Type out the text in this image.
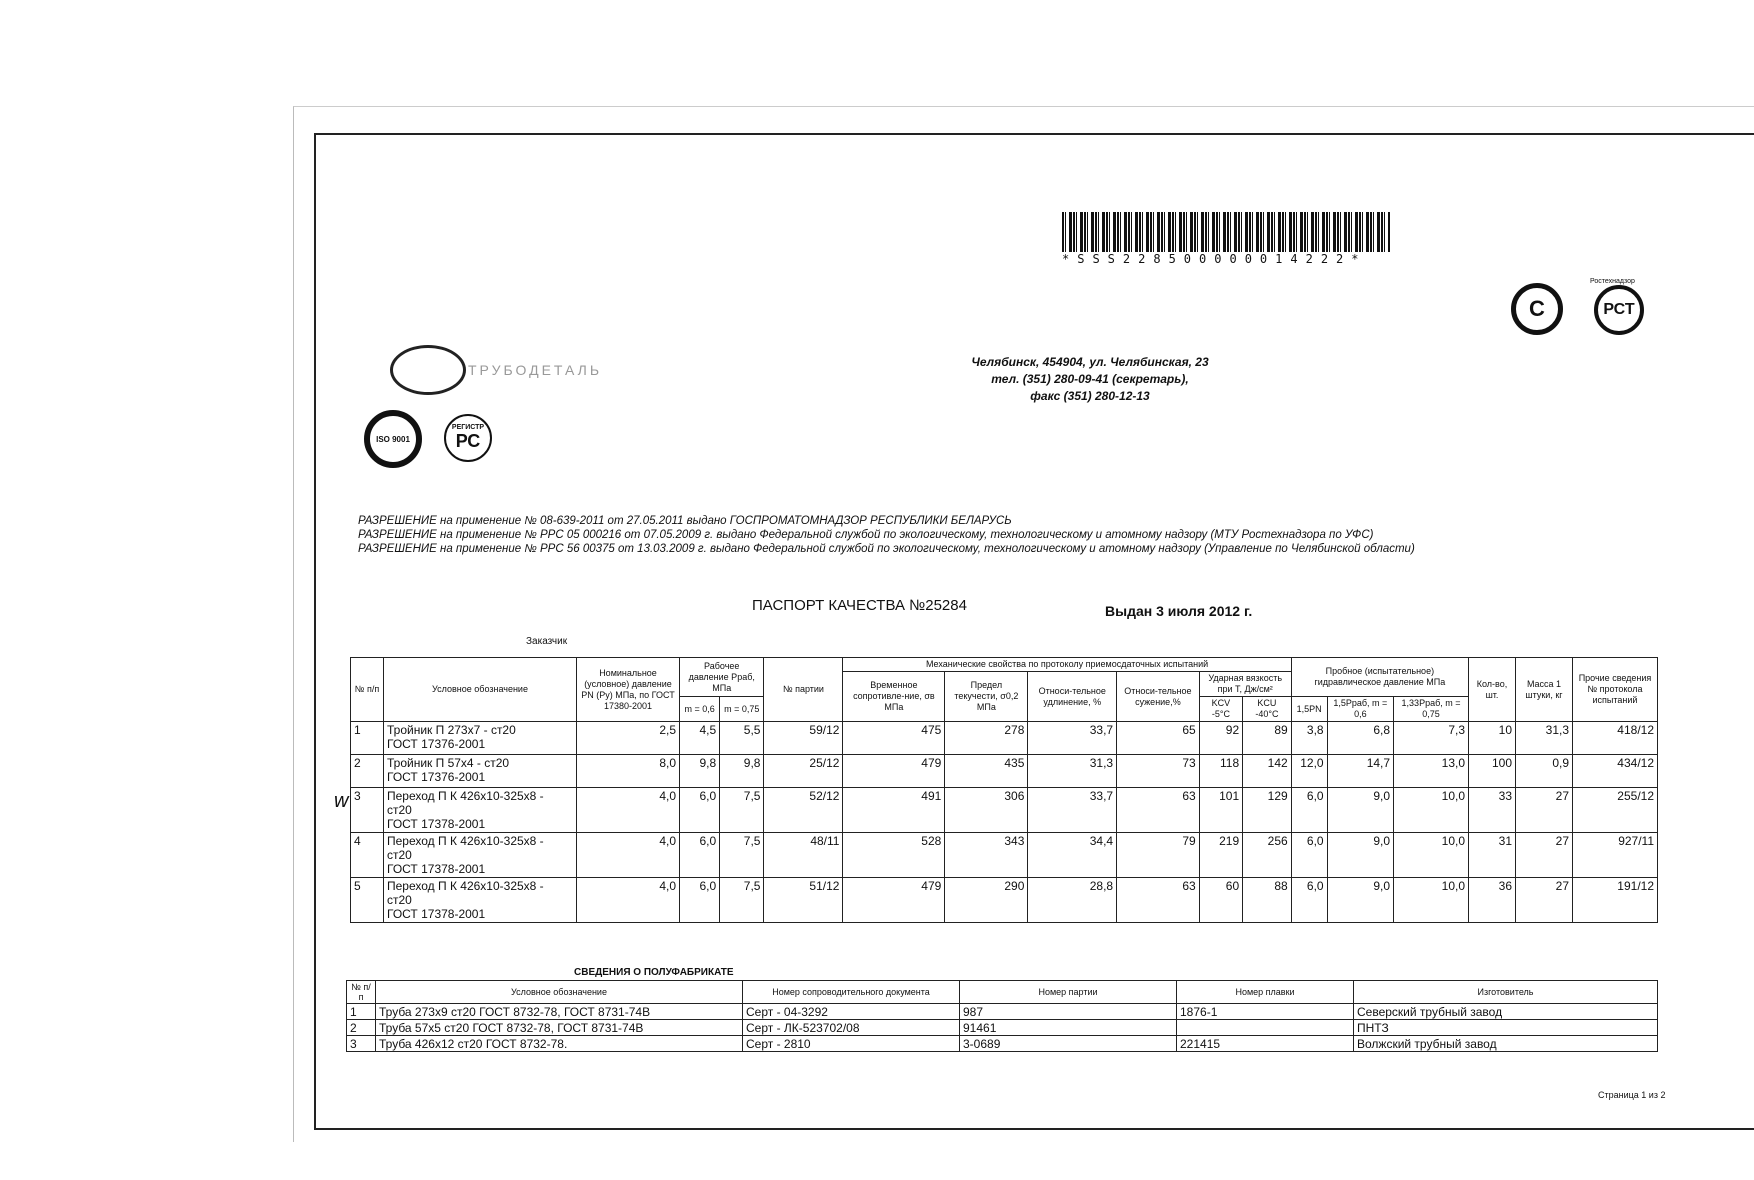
*SSS228500000014222*
С	РСТ
ТРУБОДЕТАЛЬ
ISO 9001
РЕГИСТР
РС
Ростехнадзор
Челябинск, 454904, ул. Челябинская, 23
тел. (351) 280-09-41 (секретарь),
факс (351) 280-12-13
РАЗРЕШЕНИЕ на применение № 08-639-2011 от 27.05.2011 выдано ГОСПРОМАТОМНАДЗОР РЕСПУБЛИКИ БЕЛАРУСЬ
РАЗРЕШЕНИЕ на применение № РРС 05 000216 от 07.05.2009 г. выдано Федеральной службой по экологическому, технологическому и атомному надзору (МТУ Ростехнадзора по УФС)
РАЗРЕШЕНИЕ на применение № РРС 56 00375 от 13.03.2009 г. выдано Федеральной службой по экологическому, технологическому и атомному надзору (Управление по Челябинской области)
ПАСПОРТ КАЧЕСТВА №25284	Выдан 3 июля 2012 г.
Заказчик
w
№ п/п	Условное обозначение	Номинальное (условное) давление PN (Py) МПа, по ГОСТ 17380-2001	Рабочее давление Рраб, МПа		№ партии	Механические свойства по протоколу приемосдаточных испытаний						Пробное (испытательное) гидравлическое давление МПа			Кол-во, шт.	Масса 1 штуки, кг	Прочие сведения № протокола испытаний
						Временное сопротивле-ние, σв МПа	Предел текучести, σ0,2 МПа	Относи-тельное удлинение, %	Относи-тельное сужение,%	Ударная вязкость при Т, Дж/см²							
			m = 0,6	m = 0,75						KCV -5°C	KCU -40°C	1,5PN	1,5Рраб, m = 0,6	1,33Рраб, m = 0,75			
1	Тройник П 273х7 - ст20
ГОСТ 17376-2001	2,5	4,5	5,5	59/12	475	278	33,7	65	92	89	3,8	6,8	7,3	10	31,3	418/12
2	Тройник П 57х4 - ст20
ГОСТ 17376-2001	8,0	9,8	9,8	25/12	479	435	31,3	73	118	142	12,0	14,7	13,0	100	0,9	434/12
3	Переход П К 426х10-325х8 -
ст20
ГОСТ 17378-2001	4,0	6,0	7,5	52/12	491	306	33,7	63	101	129	6,0	9,0	10,0	33	27	255/12
4	Переход П К 426х10-325х8 -
ст20
ГОСТ 17378-2001	4,0	6,0	7,5	48/11	528	343	34,4	79	219	256	6,0	9,0	10,0	31	27	927/11
5	Переход П К 426х10-325х8 -
ст20
ГОСТ 17378-2001	4,0	6,0	7,5	51/12	479	290	28,8	63	60	88	6,0	9,0	10,0	36	27	191/12
СВЕДЕНИЯ О ПОЛУФАБРИКАТЕ
№ п/п	Условное обозначение	Номер сопроводительного документа	Номер партии	Номер плавки	Изготовитель
1	Труба 273х9 ст20 ГОСТ 8732-78, ГОСТ 8731-74В	Серт - 04-3292	987	1876-1	Северский трубный завод
2	Труба 57х5 ст20 ГОСТ 8732-78, ГОСТ 8731-74В	Серт - ЛК-523702/08	91461		ПНТЗ
3	Труба 426х12 ст20 ГОСТ 8732-78.	Серт - 2810	3-0689	221415	Волжский трубный завод
Страница 1 из 2
